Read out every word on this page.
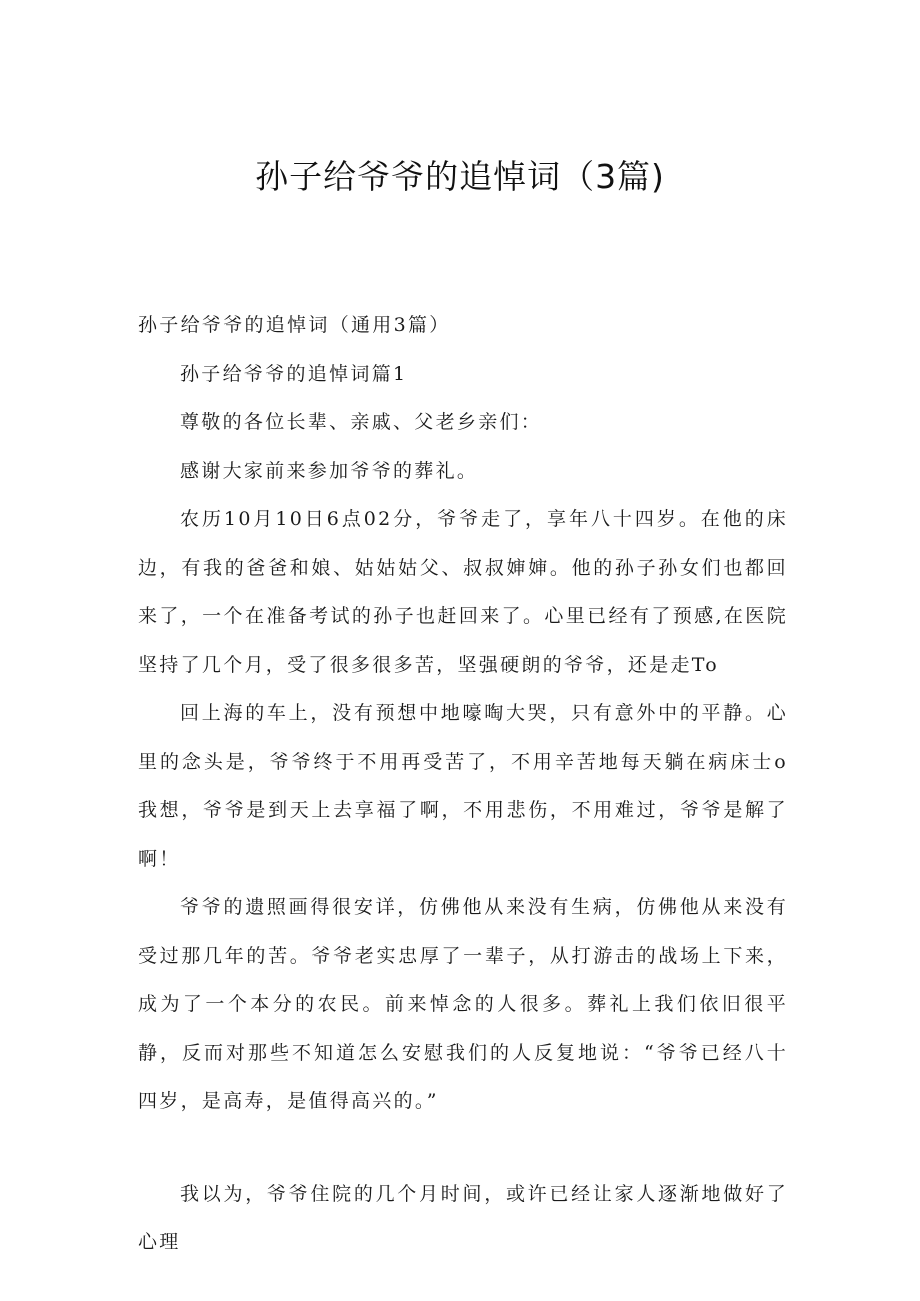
孙子给爷爷的追悼词（3篇)

孙子给爷爷的追悼词（通用3篇）

孙子给爷爷的追悼词篇1

尊敬的各位长辈、亲戚、父老乡亲们：

感谢大家前来参加爷爷的葬礼。

农历10月10日6点02分，爷爷走了，享年八十四岁。在他的床边，有我的爸爸和娘、姑姑姑父、叔叔婶婶。他的孙子孙女们也都回来了，一个在准备考试的孙子也赶回来了。心里已经有了预感,在医院坚持了几个月，受了很多很多苦，坚强硬朗的爷爷，还是走To

回上海的车上，没有预想中地嚎啕大哭，只有意外中的平静。心里的念头是，爷爷终于不用再受苦了，不用辛苦地每天躺在病床士o我想，爷爷是到天上去享福了啊，不用悲伤，不用难过，爷爷是解了啊！

爷爷的遗照画得很安详，仿佛他从来没有生病，仿佛他从来没有受过那几年的苦。爷爷老实忠厚了一辈子，从打游击的战场上下来，成为了一个本分的农民。前来悼念的人很多。葬礼上我们依旧很平静，反而对那些不知道怎么安慰我们的人反复地说：“爷爷已经八十四岁，是高寿，是值得高兴的。”

我以为，爷爷住院的几个月时间，或许已经让家人逐渐地做好了心理
